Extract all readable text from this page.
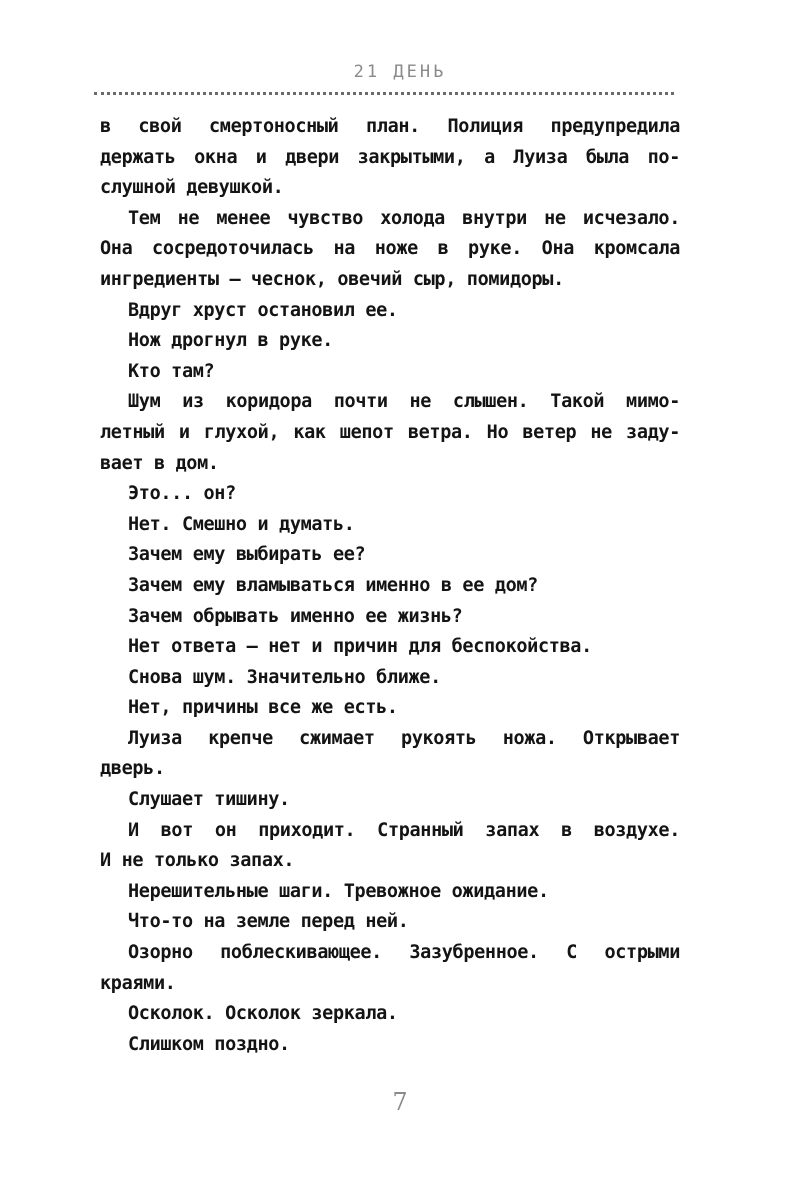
21 ДЕНЬ
в свой смертоносный план. Полиция предупредила
держать окна и двери закрытыми, а Луиза была по-
слушной девушкой.
Тем не менее чувство холода внутри не исчезало.
Она сосредоточилась на ноже в руке. Она кромсала
ингредиенты — чеснок, овечий сыр, помидоры.
Вдруг хруст остановил ее.
Нож дрогнул в руке.
Кто там?
Шум из коридора почти не слышен. Такой мимо-
летный и глухой, как шепот ветра. Но ветер не заду-
вает в дом.
Это... он?
Нет. Смешно и думать.
Зачем ему выбирать ее?
Зачем ему вламываться именно в ее дом?
Зачем обрывать именно ее жизнь?
Нет ответа — нет и причин для беспокойства.
Снова шум. Значительно ближе.
Нет, причины все же есть.
Луиза крепче сжимает рукоять ножа. Открывает
дверь.
Слушает тишину.
И вот он приходит. Странный запах в воздухе.
И не только запах.
Нерешительные шаги. Тревожное ожидание.
Что-то на земле перед ней.
Озорно поблескивающее. Зазубренное. С острыми
краями.
Осколок. Осколок зеркала.
Слишком поздно.
7
